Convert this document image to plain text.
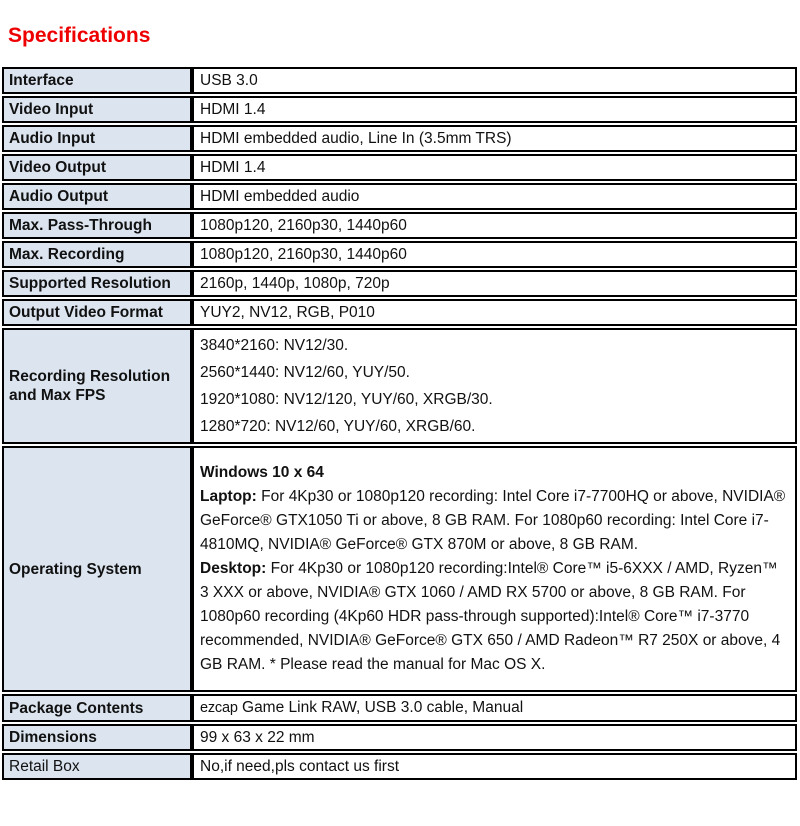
Specifications
Interface	USB 3.0
Video Input	HDMI 1.4
Audio Input	HDMI embedded audio, Line In (3.5mm TRS)
Video Output	HDMI 1.4
Audio Output	HDMI embedded audio
Max. Pass-Through	1080p120, 2160p30, 1440p60
Max. Recording	1080p120, 2160p30, 1440p60
Supported Resolution	2160p, 1440p, 1080p, 720p
Output Video Format	YUY2, NV12, RGB, P010
Recording Resolution and Max FPS	3840*2160: NV12/30.
2560*1440: NV12/60, YUY/50.
1920*1080: NV12/120, YUY/60, XRGB/30.
1280*720: NV12/60, YUY/60, XRGB/60.

Operating System	Windows 10 x 64
Laptop: For 4Kp30 or 1080p120 recording: Intel Core i7-7700HQ or above, NVIDIA® GeForce® GTX1050 Ti or above, 8 GB RAM. For 1080p60 recording: Intel Core i7-4810MQ, NVIDIA® GeForce® GTX 870M or above, 8 GB RAM.
Desktop: For 4Kp30 or 1080p120 recording:Intel® Core™ i5-6XXX / AMD, Ryzen™ 3 XXX or above, NVIDIA® GTX 1060 / AMD RX 5700 or above, 8 GB RAM. For 1080p60 recording (4Kp60 HDR pass-through supported):Intel® Core™ i7-3770 recommended, NVIDIA® GeForce® GTX 650 / AMD Radeon™ R7 250X or above, 4 GB RAM. * Please read the manual for Mac OS X.

Package Contents	ezcap Game Link RAW, USB 3.0 cable, Manual
Dimensions	99 x 63 x 22 mm
Retail Box	No,if need,pls contact us first
